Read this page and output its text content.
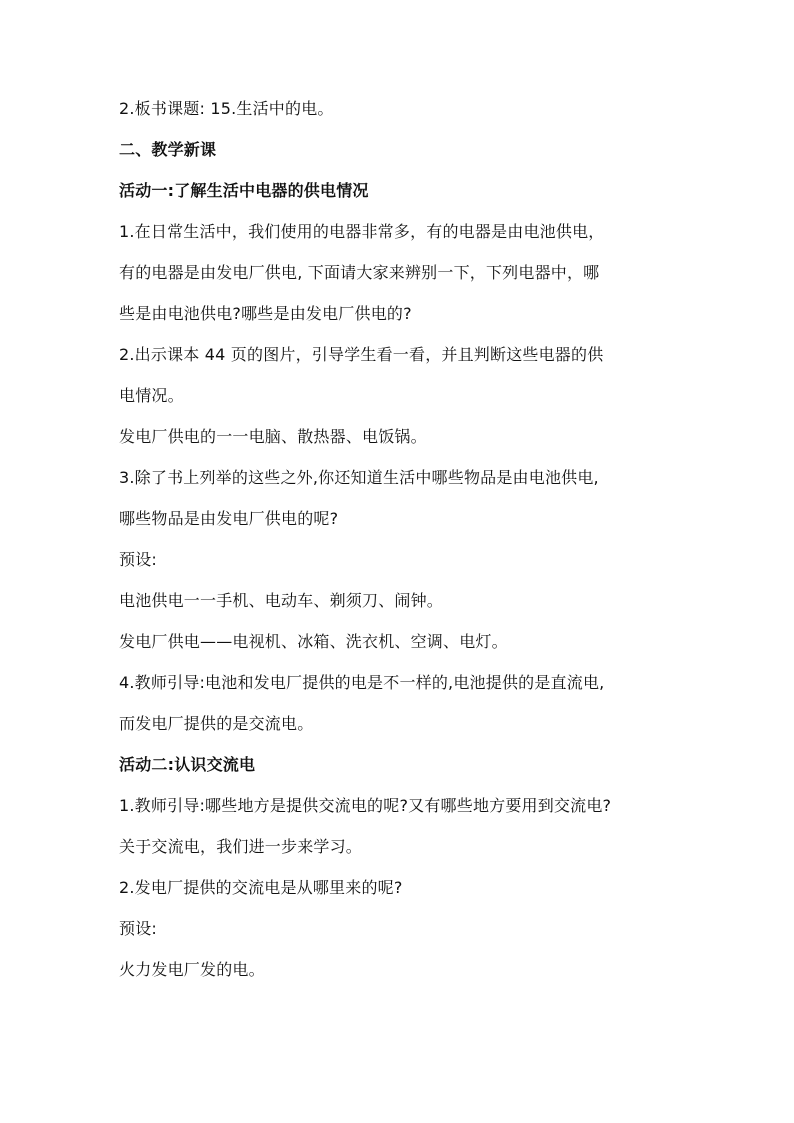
2.板书课题: 15.生活中的电。
二、教学新课
活动一:了解生活中电器的供电情况
1.在日常生活中，我们使用的电器非常多，有的电器是由电池供电，
有的电器是由发电厂供电, 下面请大家来辨别一下，下列电器中，哪
些是由电池供电?哪些是由发电厂供电的?
2.出示课本 44 页的图片，引导学生看一看，并且判断这些电器的供
电情况。
发电厂供电的一一电脑、散热器、电饭锅。
3.除了书上列举的这些之外,你还知道生活中哪些物品是由电池供电,
哪些物品是由发电厂供电的呢?
预设:
电池供电一一手机、电动车、剃须刀、闹钟。
发电厂供电——电视机、冰箱、洗衣机、空调、电灯。
4.教师引导:电池和发电厂提供的电是不一样的,电池提供的是直流电,
而发电厂提供的是交流电。
活动二:认识交流电
1.教师引导:哪些地方是提供交流电的呢?又有哪些地方要用到交流电?
关于交流电，我们进一步来学习。
2.发电厂提供的交流电是从哪里来的呢?
预设:
火力发电厂发的电。
